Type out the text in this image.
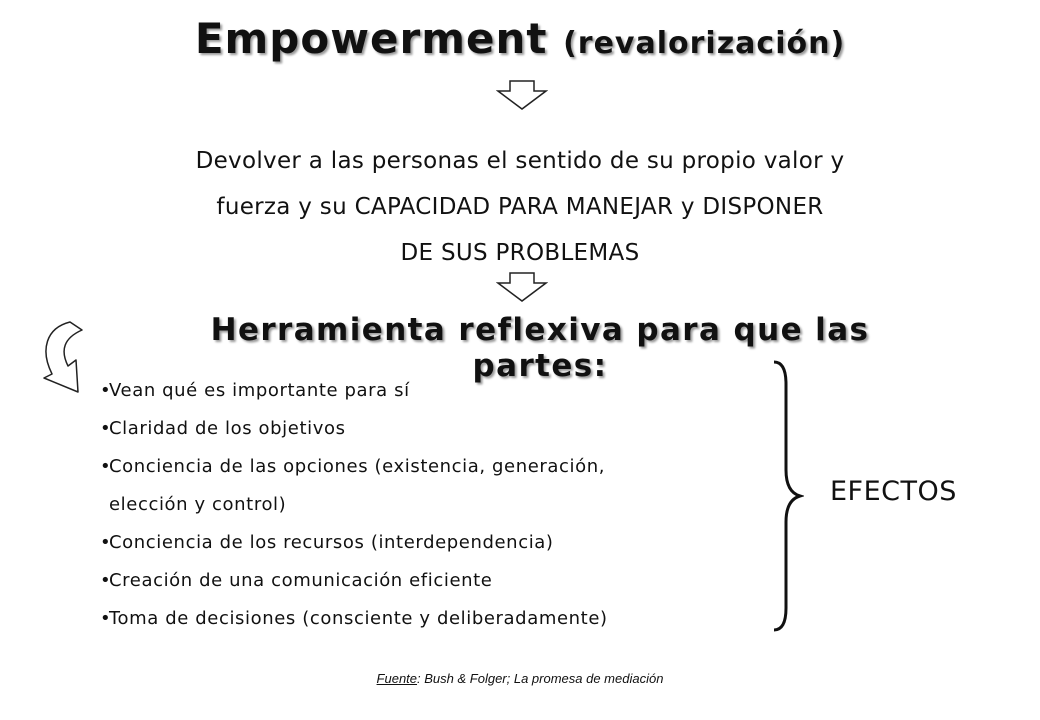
Empowerment (revalorización)
Devolver a las personas el sentido de su propio valor y
fuerza y su CAPACIDAD PARA MANEJAR y DISPONER
DE SUS PROBLEMAS
Herramienta reflexiva para que las partes:
•Vean qué es importante para sí
•Claridad de los objetivos
•Conciencia de las opciones (existencia, generación,
elección y control)
•Conciencia de los recursos (interdependencia)
•Creación de una comunicación eficiente
•Toma de decisiones (consciente y deliberadamente)
EFECTOS
Fuente: Bush & Folger; La promesa de mediación
